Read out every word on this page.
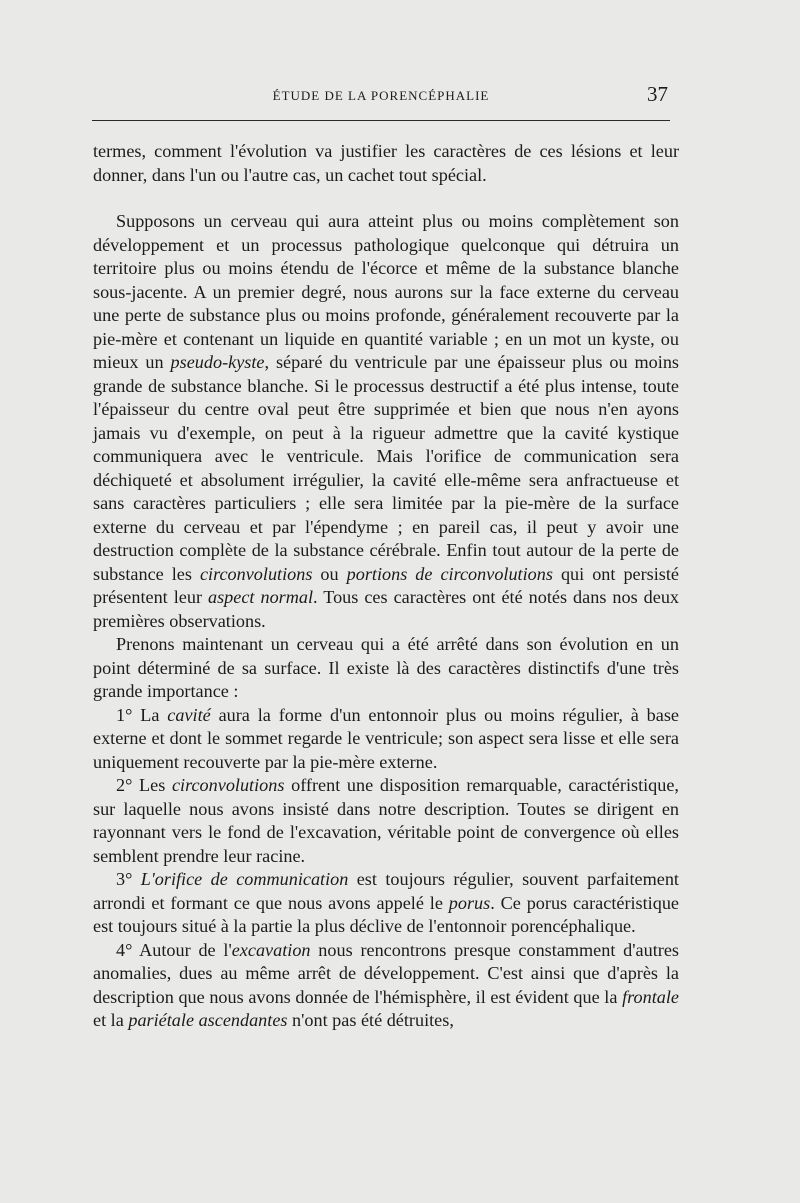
ÉTUDE DE LA PORENCÉPHALIE	37

termes, comment l'évolution va justifier les caractères de ces lésions et leur donner, dans l'un ou l'autre cas, un cachet tout spécial.

Supposons un cerveau qui aura atteint plus ou moins complètement son développement et un processus pathologique quelconque qui détruira un territoire plus ou moins étendu de l'écorce et même de la substance blanche sous-jacente. A un premier degré, nous aurons sur la face externe du cerveau une perte de substance plus ou moins profonde, généralement recouverte par la pie-mère et contenant un liquide en quantité variable ; en un mot un kyste, ou mieux un pseudo-kyste, séparé du ventricule par une épaisseur plus ou moins grande de substance blanche. Si le processus destructif a été plus intense, toute l'épaisseur du centre oval peut être supprimée et bien que nous n'en ayons jamais vu d'exemple, on peut à la rigueur admettre que la cavité kystique communiquera avec le ventricule. Mais l'orifice de communication sera déchiqueté et absolument irrégulier, la cavité elle-même sera anfractueuse et sans caractères particuliers ; elle sera limitée par la pie-mère de la surface externe du cerveau et par l'épendyme ; en pareil cas, il peut y avoir une destruction complète de la substance cérébrale. Enfin tout autour de la perte de substance les circonvolutions ou portions de circonvolutions qui ont persisté présentent leur aspect normal. Tous ces caractères ont été notés dans nos deux premières observations.

Prenons maintenant un cerveau qui a été arrêté dans son évolution en un point déterminé de sa surface. Il existe là des caractères distinctifs d'une très grande importance :

1° La cavité aura la forme d'un entonnoir plus ou moins régulier, à base externe et dont le sommet regarde le ventricule; son aspect sera lisse et elle sera uniquement recouverte par la pie-mère externe.

2° Les circonvolutions offrent une disposition remarquable, caractéristique, sur laquelle nous avons insisté dans notre description. Toutes se dirigent en rayonnant vers le fond de l'excavation, véritable point de convergence où elles semblent prendre leur racine.

3° L'orifice de communication est toujours régulier, souvent parfaitement arrondi et formant ce que nous avons appelé le porus. Ce porus caractéristique est toujours situé à la partie la plus déclive de l'entonnoir porencéphalique.

4° Autour de l'excavation nous rencontrons presque constamment d'autres anomalies, dues au même arrêt de développement. C'est ainsi que d'après la description que nous avons donnée de l'hémisphère, il est évident que la frontale et la pariétale ascendantes n'ont pas été détruites,
